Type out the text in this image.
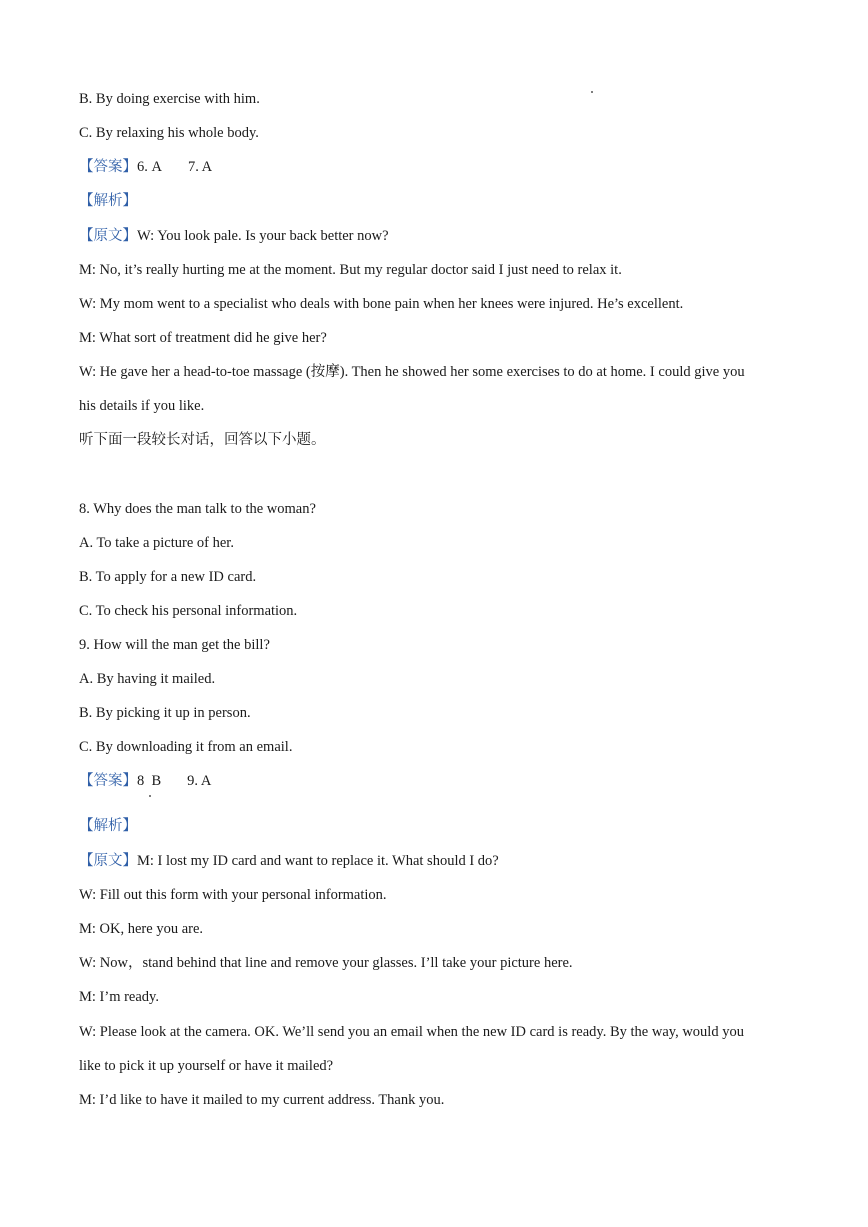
B. By doing exercise with him.
C. By relaxing his whole body.
【答案】6. A 7. A
【解析】
【原文】W: You look pale. Is your back better now?
M: No, it’s really hurting me at the moment. But my regular doctor said I just need to relax it.
W: My mom went to a specialist who deals with bone pain when her knees were injured. He’s excellent.
M: What sort of treatment did he give her?
W: He gave her a head-to-toe massage (按摩). Then he showed her some exercises to do at home. I could give you
his details if you like.
听下面一段较长对话，回答以下小题。
8. Why does the man talk to the woman?
A. To take a picture of her.
B. To apply for a new ID card.
C. To check his personal information.
9. How will the man get the bill?
A. By having it mailed.
B. By picking it up in person.
C. By downloading it from an email.
【答案】8  B 9. A
【解析】
【原文】M: I lost my ID card and want to replace it. What should I do?
W: Fill out this form with your personal information.
M: OK, here you are.
W: Now，stand behind that line and remove your glasses. I’ll take your picture here.
M: I’m ready.
W: Please look at the camera. OK. We’ll send you an email when the new ID card is ready. By the way, would you
like to pick it up yourself or have it mailed?
M: I’d like to have it mailed to my current address. Thank you.
